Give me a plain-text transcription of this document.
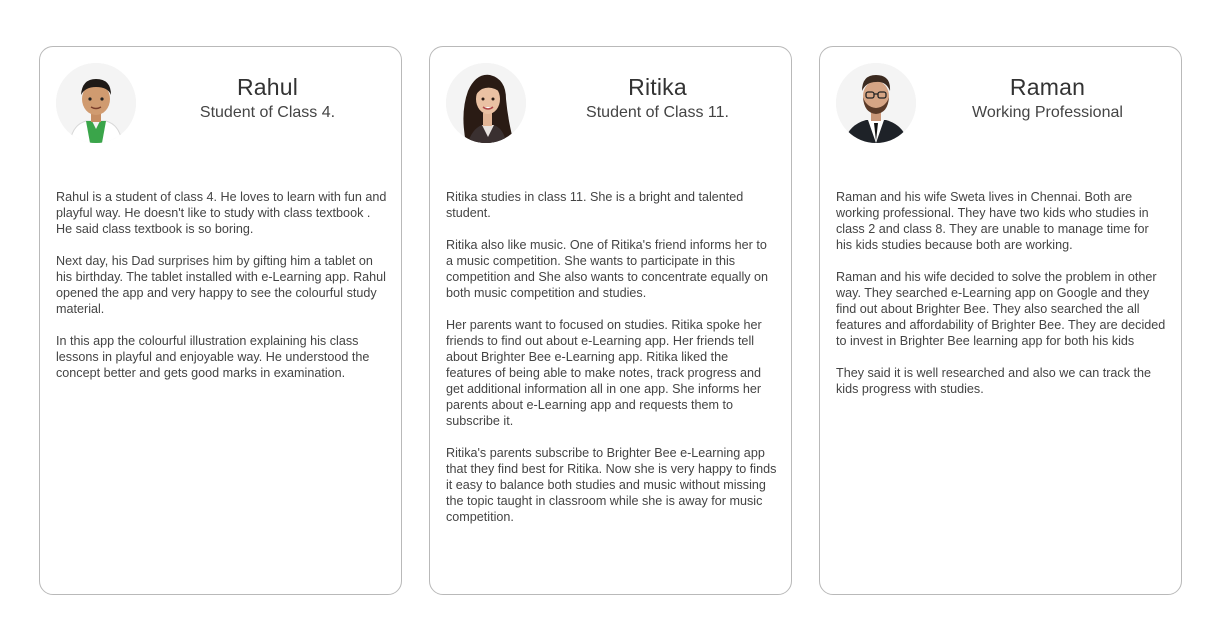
Rahul
Student of Class 4.

Rahul is a student of class 4. He loves to learn with fun and playful way. He doesn't like to study with class textbook . He said class textbook is so boring.

Next day, his Dad surprises him by gifting him a tablet on his birthday. The tablet installed with e-Learning app. Rahul opened the app and very happy to see the colourful study material.

In this app the colourful illustration explaining his class lessons in playful and enjoyable way. He understood the concept better and gets good marks in examination.

Ritika
Student of Class 11.

Ritika studies in class 11. She is a bright and talented student.

Ritika also like music. One of Ritika's friend informs her to a music competition. She wants to participate in this competition and She also wants to concentrate equally on both music competition and studies.

Her parents want to focused on studies. Ritika spoke her friends to find out about e-Learning app. Her friends tell about Brighter Bee e-Learning app. Ritika liked the features of being able to make notes, track progress and get additional information all in one app. She informs her parents about e-Learning app and requests them to subscribe it.

Ritika's parents subscribe to Brighter Bee e-Learning app that they find best for Ritika. Now she is very happy to finds it easy to balance both studies and music without missing the topic taught in classroom while she is away for music competition.

Raman
Working Professional

Raman and his wife Sweta lives in Chennai. Both are working professional. They have two kids who studies in class 2 and class 8. They are unable to manage time for his kids studies because both are working.

Raman and his wife decided to solve the problem in other way. They searched e-Learning app on Google and they find out about Brighter Bee. They also searched the all features and affordability of Brighter Bee. They are decided to invest in Brighter Bee learning app for both his kids

They said it is well researched and also we can track the kids progress with studies.
